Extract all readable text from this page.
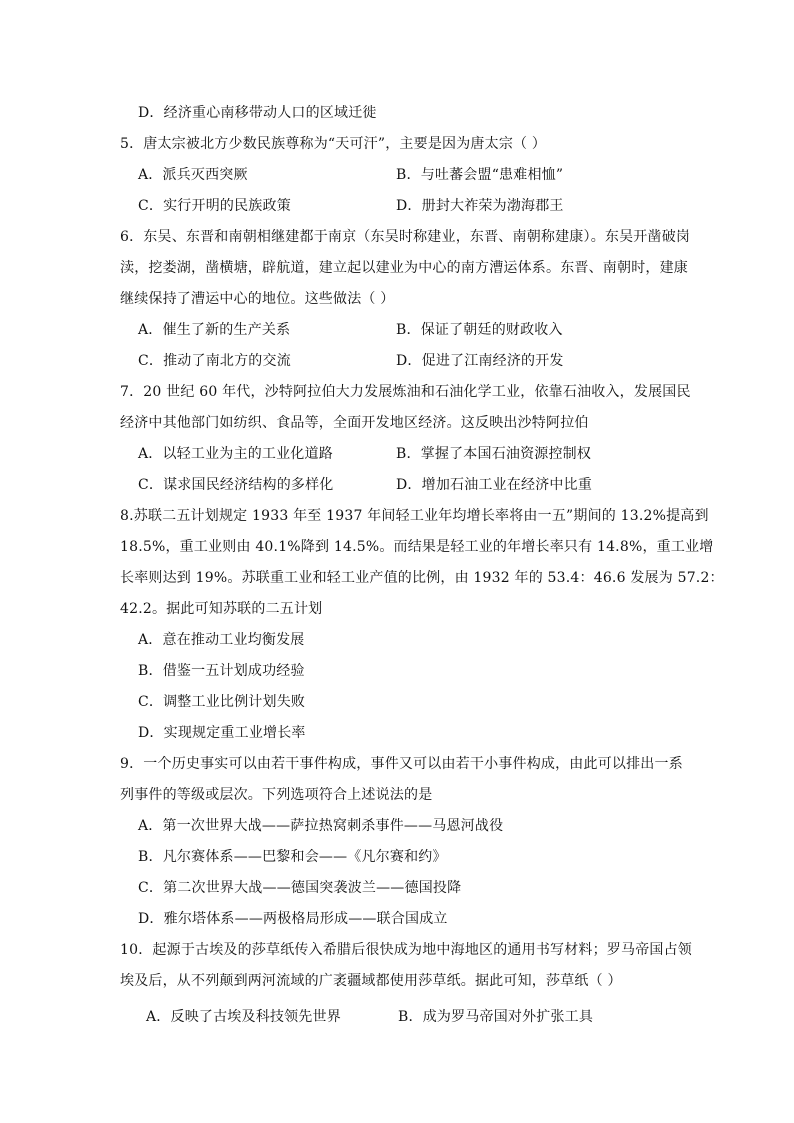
D．经济重心南移带动人口的区域迁徙
5．唐太宗被北方少数民族尊称为“天可汗”，主要是因为唐太宗（ ）
A．派兵灭西突厥	B．与吐蕃会盟“患难相恤”
C．实行开明的民族政策	D．册封大祚荣为渤海郡王
6．东吴、东晋和南朝相继建都于南京（东吴时称建业，东晋、南朝称建康）。东吴开凿破岗
渎，挖娄湖，凿横塘，辟航道，建立起以建业为中心的南方漕运体系。东晋、南朝时，建康
继续保持了漕运中心的地位。这些做法（ ）
A．催生了新的生产关系	B．保证了朝廷的财政收入
C．推动了南北方的交流	D．促进了江南经济的开发
7．20 世纪 60 年代，沙特阿拉伯大力发展炼油和石油化学工业，依靠石油收入，发展国民
经济中其他部门如纺织、食品等，全面开发地区经济。这反映出沙特阿拉伯
A．以轻工业为主的工业化道路	B．掌握了本国石油资源控制权
C．谋求国民经济结构的多样化	D．增加石油工业在经济中比重
8.苏联二五计划规定 1933 年至 1937 年间轻工业年均增长率将由一五”期间的 13.2%提高到
18.5%，重工业则由 40.1%降到 14.5%。而结果是轻工业的年增长率只有 14.8%，重工业增
长率则达到 19%。苏联重工业和轻工业产值的比例，由 1932 年的 53.4：46.6 发展为 57.2：
42.2。据此可知苏联的二五计划
A．意在推动工业均衡发展
B．借鉴一五计划成功经验
C．调整工业比例计划失败
D．实现规定重工业增长率
9．一个历史事实可以由若干事件构成，事件又可以由若干小事件构成，由此可以排出一系
列事件的等级或层次。下列选项符合上述说法的是
A．第一次世界大战——萨拉热窝刺杀事件——马恩河战役
B．凡尔赛体系——巴黎和会——《凡尔赛和约》
C．第二次世界大战——德国突袭波兰——德国投降
D．雅尔塔体系——两极格局形成——联合国成立
10．起源于古埃及的莎草纸传入希腊后很快成为地中海地区的通用书写材料；罗马帝国占领
埃及后，从不列颠到两河流域的广袤疆域都使用莎草纸。据此可知，莎草纸（ ）
A．反映了古埃及科技领先世界	B．成为罗马帝国对外扩张工具
